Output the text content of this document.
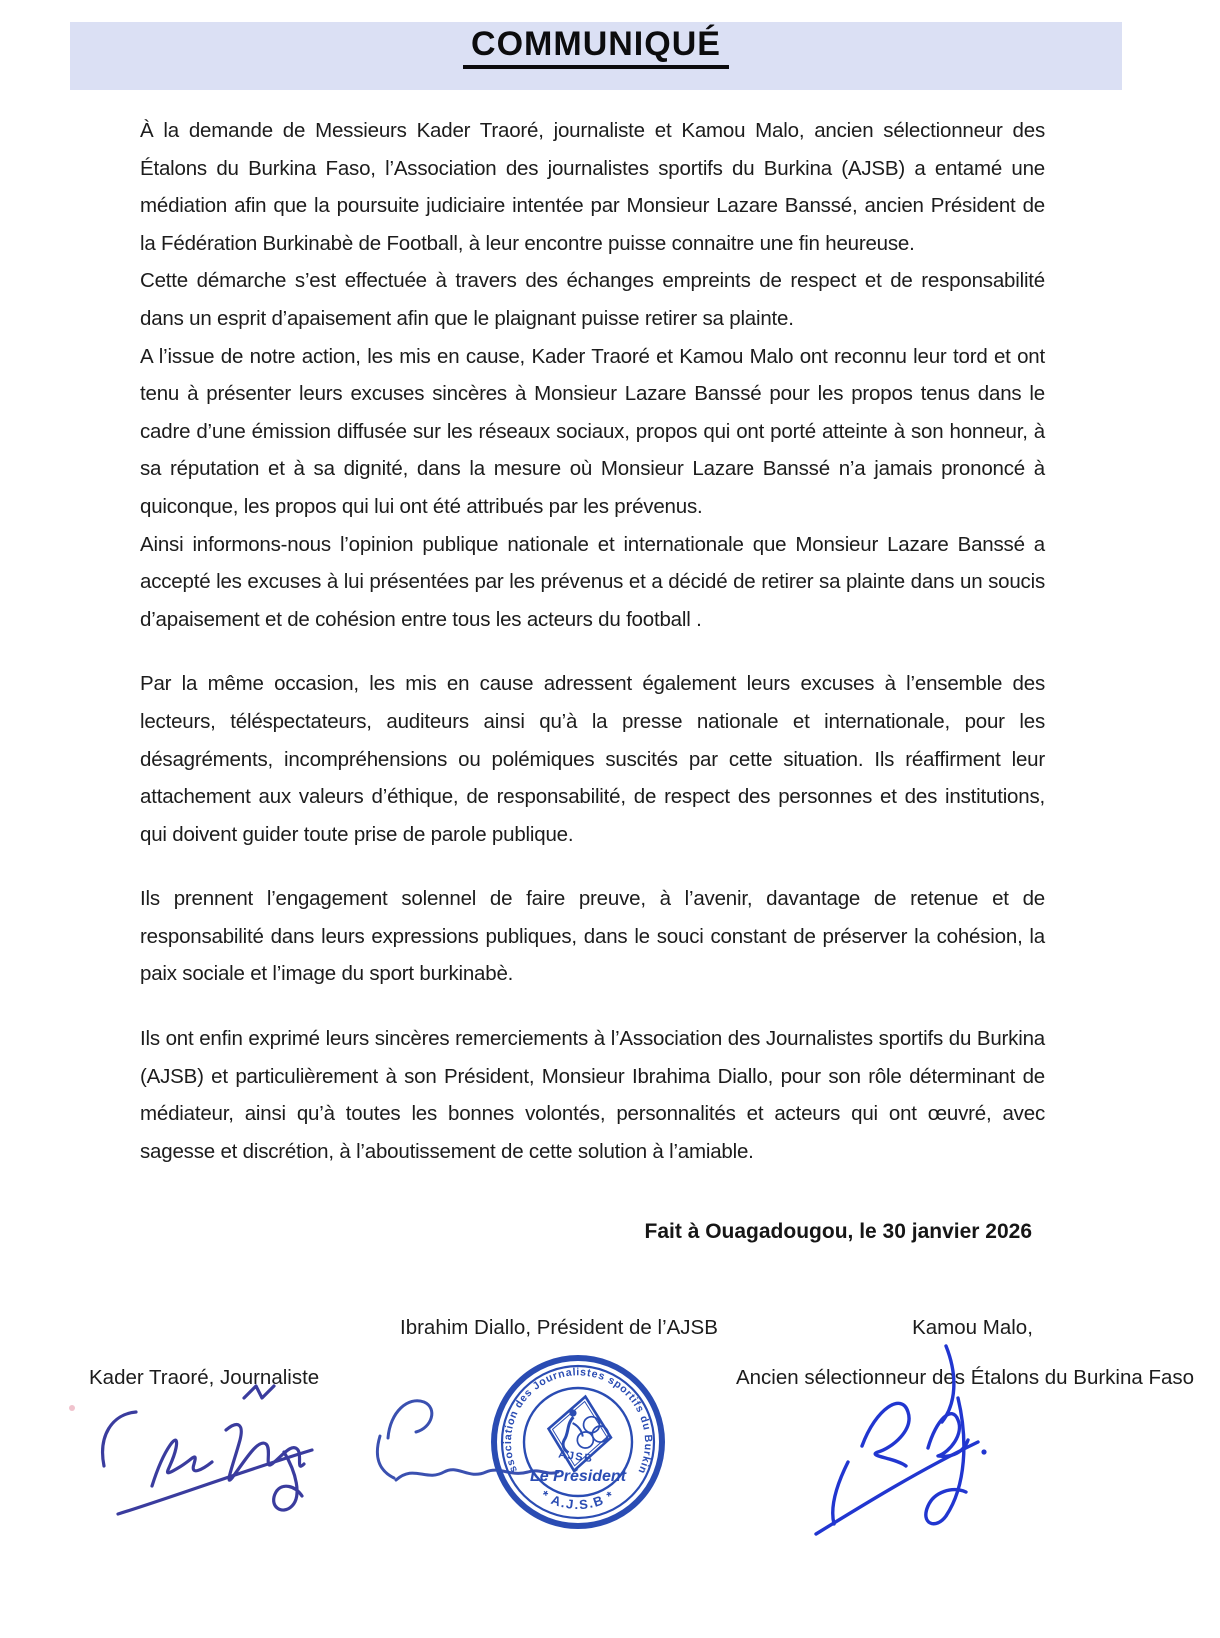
COMMUNIQUÉ

À la demande de Messieurs Kader Traoré, journaliste et Kamou Malo, ancien sélectionneur des Étalons du Burkina Faso, l’Association des journalistes sportifs du Burkina (AJSB) a entamé une médiation afin que la poursuite judiciaire intentée par Monsieur Lazare Banssé, ancien Président de la Fédération Burkinabè de Football, à leur encontre puisse connaitre une fin heureuse.

Cette démarche s’est effectuée à travers des échanges empreints de respect et de responsabilité dans un esprit d’apaisement afin que le plaignant puisse retirer sa plainte.

A l’issue de notre action, les mis en cause, Kader Traoré et Kamou Malo ont reconnu leur tord et ont tenu à présenter leurs excuses sincères à Monsieur Lazare Banssé pour les propos tenus dans le cadre d’une émission diffusée sur les réseaux sociaux, propos qui ont porté atteinte à son honneur, à sa réputation et à sa dignité, dans la mesure où Monsieur Lazare Banssé n’a jamais prononcé à quiconque, les propos qui lui ont été attribués par les prévenus.

Ainsi informons-nous l’opinion publique nationale et internationale que Monsieur Lazare Banssé a accepté les excuses à lui présentées par les prévenus et a décidé de retirer sa plainte dans un soucis d’apaisement et de cohésion entre tous les acteurs du football .

Par la même occasion, les mis en cause adressent également leurs excuses à l’ensemble des lecteurs, téléspectateurs, auditeurs ainsi qu’à la presse nationale et internationale, pour les désagréments, incompréhensions ou polémiques suscités par cette situation. Ils réaffirment leur attachement aux valeurs d’éthique, de responsabilité, de respect des personnes et des institutions, qui doivent guider toute prise de parole publique.

Ils prennent l’engagement solennel de faire preuve, à l’avenir, davantage de retenue et de responsabilité dans leurs expressions publiques, dans le souci constant de préserver la cohésion, la paix sociale et l’image du sport burkinabè.

Ils ont enfin exprimé leurs sincères remerciements à l’Association des Journalistes sportifs du Burkina (AJSB) et particulièrement à son Président, Monsieur Ibrahima Diallo, pour son rôle déterminant de médiateur, ainsi qu’à toutes les bonnes volontés, personnalités et acteurs qui ont œuvré, avec sagesse et discrétion, à l’aboutissement de cette solution à l’amiable.

Fait à Ouagadougou, le 30 janvier 2026
Ibrahim Diallo, Président de l’AJSB	Kamou Malo,
Kader Traoré, Journaliste	Ancien sélectionneur des Étalons du Burkina Faso
Association des Journalistes sportifs du Burkina
* A.J.S.B *
AJSB
Le Président
